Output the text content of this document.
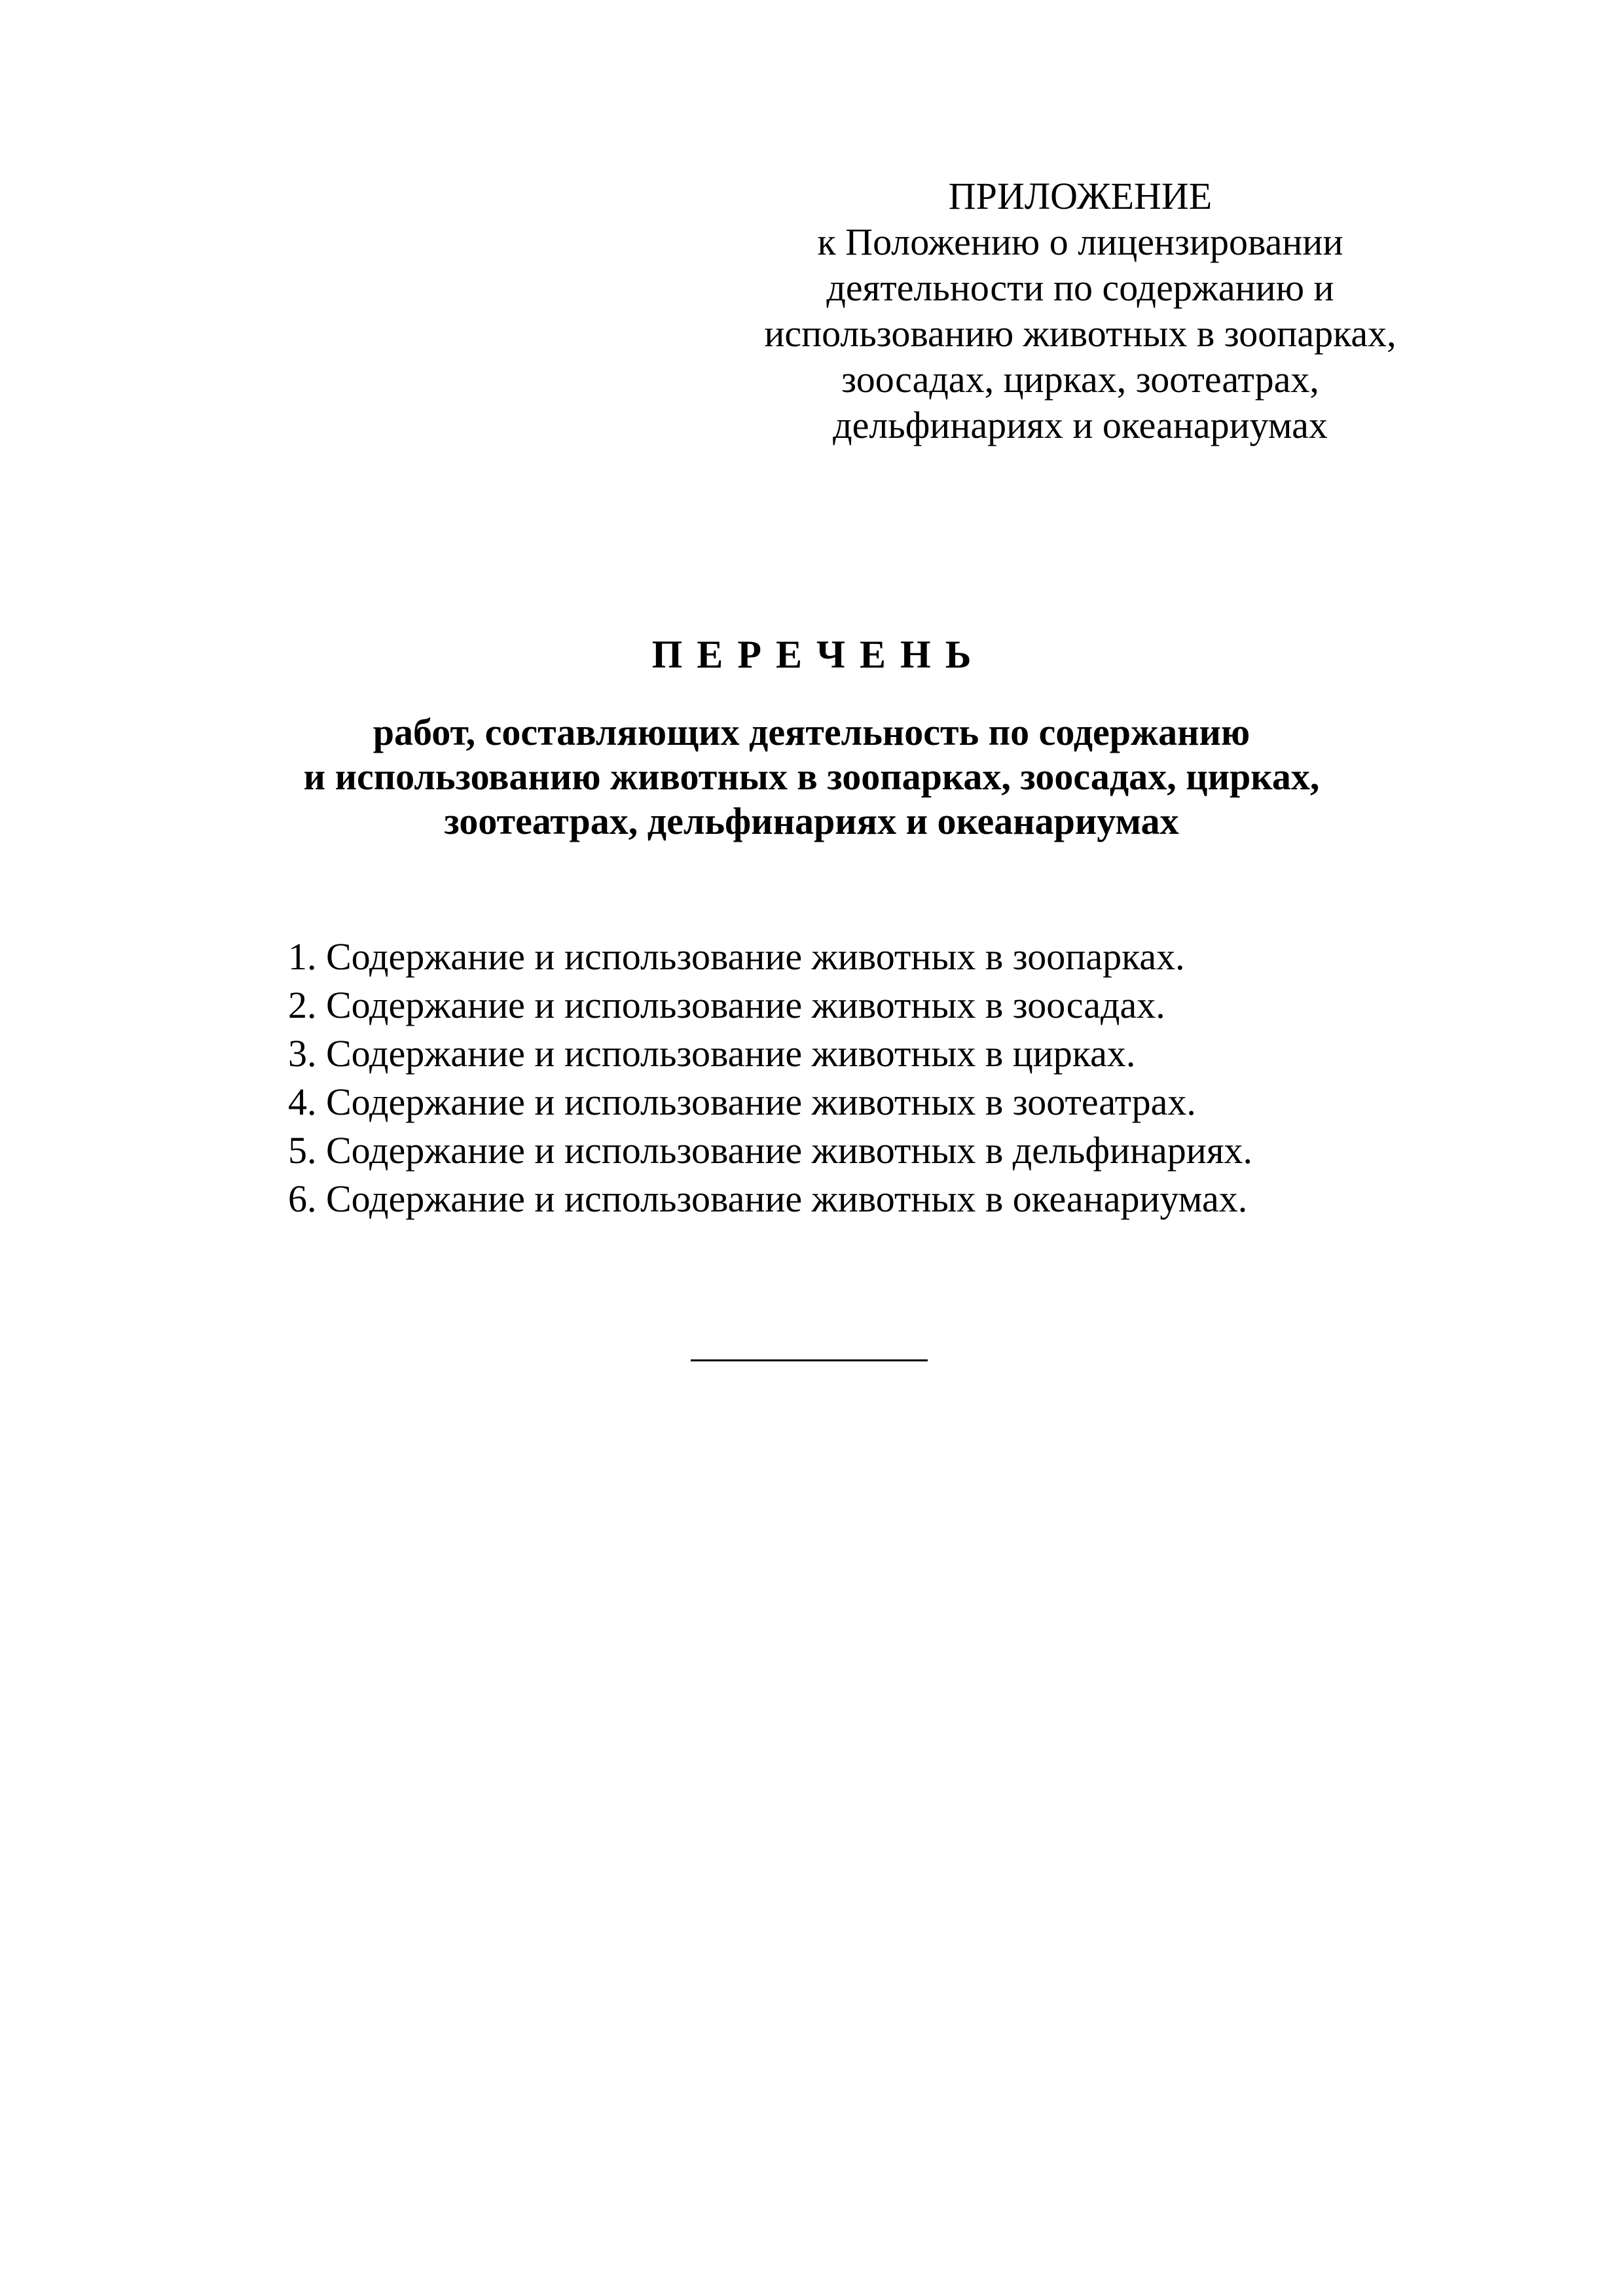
ПРИЛОЖЕНИЕ
к Положению о лицензировании
деятельности по содержанию и
использованию животных в зоопарках,
зоосадах, цирках, зоотеатрах,
дельфинариях и океанариумах
ПЕРЕЧЕНЬ
работ, составляющих деятельность по содержанию
и использованию животных в зоопарках, зоосадах, цирках,
зоотеатрах, дельфинариях и океанариумах
1. Содержание и использование животных в зоопарках.
2. Содержание и использование животных в зоосадах.
3. Содержание и использование животных в цирках.
4. Содержание и использование животных в зоотеатрах.
5. Содержание и использование животных в дельфинариях.
6. Содержание и использование животных в океанариумах.
